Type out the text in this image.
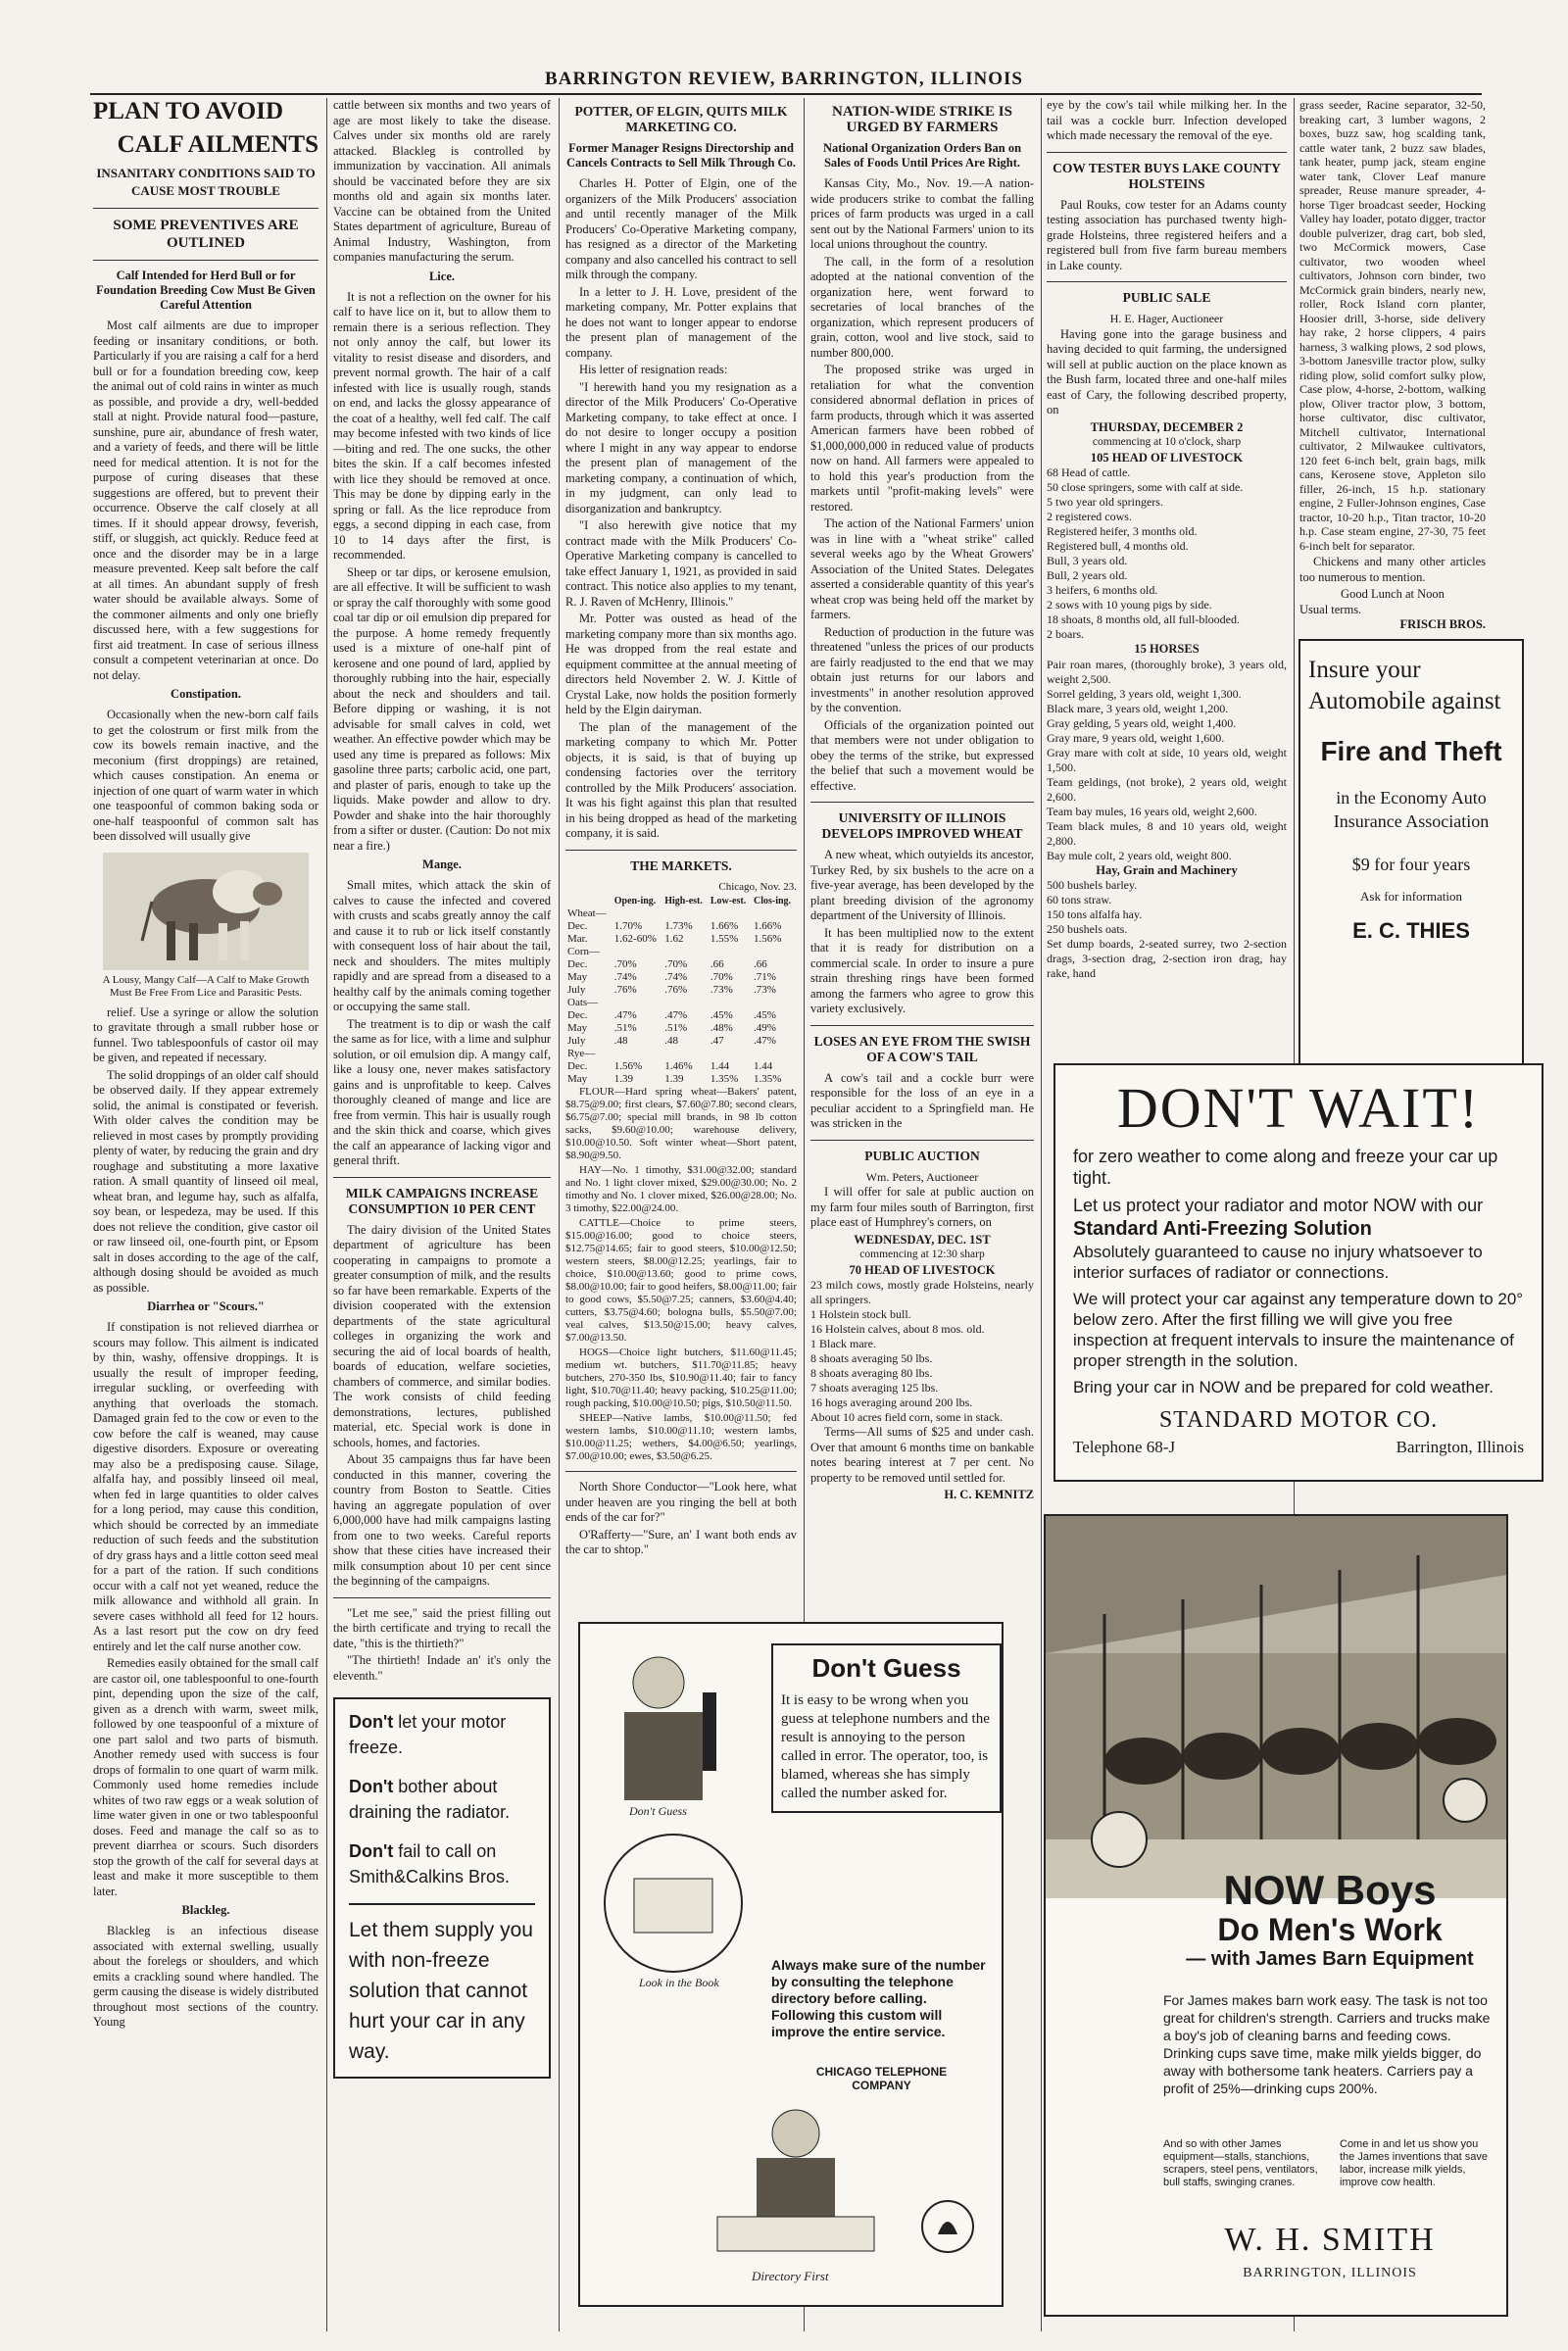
BARRINGTON REVIEW, BARRINGTON, ILLINOIS
PLAN TO AVOID
CALF AILMENTS
INSANITARY CONDITIONS SAID TO CAUSE MOST TROUBLE
SOME PREVENTIVES ARE OUTLINED
Calf Intended for Herd Bull or for Foundation Breeding Cow Must Be Given Careful Attention

Most calf ailments are due to improper feeding or insanitary conditions, or both. Particularly if you are raising a calf for a herd bull or for a foundation breeding cow, keep the animal out of cold rains in winter as much as possible, and provide a dry, well-bedded stall at night. Provide natural food—pasture, sunshine, pure air, abundance of fresh water, and a variety of feeds, and there will be little need for medical attention. It is not for the purpose of curing diseases that these suggestions are offered, but to prevent their occurrence. Observe the calf closely at all times. If it should appear drowsy, feverish, stiff, or sluggish, act quickly. Reduce feed at once and the disorder may be in a large measure prevented. Keep salt before the calf at all times. An abundant supply of fresh water should be available always. Some of the commoner ailments and only one briefly discussed here, with a few suggestions for first aid treatment. In case of serious illness consult a competent veterinarian at once. Do not delay.

Constipation.

Occasionally when the new-born calf fails to get the colostrum or first milk from the cow its bowels remain inactive, and the meconium (first droppings) are retained, which causes constipation. An enema or injection of one quart of warm water in which one teaspoonful of common baking soda or one-half teaspoonful of common salt has been dissolved will usually give

A Lousy, Mangy Calf—A Calf to Make Growth Must Be Free From Lice and Parasitic Pests.

relief. Use a syringe or allow the solution to gravitate through a small rubber hose or funnel. Two tablespoonfuls of castor oil may be given, and repeated if necessary.

The solid droppings of an older calf should be observed daily. If they appear extremely solid, the animal is constipated or feverish. With older calves the condition may be relieved in most cases by promptly providing plenty of water, by reducing the grain and dry roughage and substituting a more laxative ration. A small quantity of linseed oil meal, wheat bran, and legume hay, such as alfalfa, soy bean, or lespedeza, may be used. If this does not relieve the condition, give castor oil or raw linseed oil, one-fourth pint, or Epsom salt in doses according to the age of the calf, although dosing should be avoided as much as possible.

Diarrhea or "Scours."

If constipation is not relieved diarrhea or scours may follow. This ailment is indicated by thin, washy, offensive droppings. It is usually the result of improper feeding, irregular suckling, or overfeeding with anything that overloads the stomach. Damaged grain fed to the cow or even to the cow before the calf is weaned, may cause digestive disorders. Exposure or overeating may also be a predisposing cause. Silage, alfalfa hay, and possibly linseed oil meal, when fed in large quantities to older calves for a long period, may cause this condition, which should be corrected by an immediate reduction of such feeds and the substitution of dry grass hays and a little cotton seed meal for a part of the ration. If such conditions occur with a calf not yet weaned, reduce the milk allowance and withhold all grain. In severe cases withhold all feed for 12 hours. As a last resort put the cow on dry feed entirely and let the calf nurse another cow.

Remedies easily obtained for the small calf are castor oil, one tablespoonful to one-fourth pint, depending upon the size of the calf, given as a drench with warm, sweet milk, followed by one teaspoonful of a mixture of one part salol and two parts of bismuth. Another remedy used with success is four drops of formalin to one quart of warm milk. Commonly used home remedies include whites of two raw eggs or a weak solution of lime water given in one or two tablespoonful doses. Feed and manage the calf so as to prevent diarrhea or scours. Such disorders stop the growth of the calf for several days at least and make it more susceptible to them later.

Blackleg.

Blackleg is an infectious disease associated with external swelling, usually about the forelegs or shoulders, and which emits a crackling sound where handled. The germ causing the disease is widely distributed throughout most sections of the country. Young

cattle between six months and two years of age are most likely to take the disease. Calves under six months old are rarely attacked. Blackleg is controlled by immunization by vaccination. All animals should be vaccinated before they are six months old and again six months later. Vaccine can be obtained from the United States department of agriculture, Bureau of Animal Industry, Washington, from companies manufacturing the serum.

Lice.

It is not a reflection on the owner for his calf to have lice on it, but to allow them to remain there is a serious reflection. They not only annoy the calf, but lower its vitality to resist disease and disorders, and prevent normal growth. The hair of a calf infested with lice is usually rough, stands on end, and lacks the glossy appearance of the coat of a healthy, well fed calf. The calf may become infested with two kinds of lice—biting and red. The one sucks, the other bites the skin. If a calf becomes infested with lice they should be removed at once. This may be done by dipping early in the spring or fall. As the lice reproduce from eggs, a second dipping in each case, from 10 to 14 days after the first, is recommended.

Sheep or tar dips, or kerosene emulsion, are all effective. It will be sufficient to wash or spray the calf thoroughly with some good coal tar dip or oil emulsion dip prepared for the purpose. A home remedy frequently used is a mixture of one-half pint of kerosene and one pound of lard, applied by thoroughly rubbing into the hair, especially about the neck and shoulders and tail. Before dipping or washing, it is not advisable for small calves in cold, wet weather. An effective powder which may be used any time is prepared as follows: Mix gasoline three parts; carbolic acid, one part, and plaster of paris, enough to take up the liquids. Make powder and allow to dry. Powder and shake into the hair thoroughly from a sifter or duster. (Caution: Do not mix near a fire.)

Mange.

Small mites, which attack the skin of calves to cause the infected and covered with crusts and scabs greatly annoy the calf and cause it to rub or lick itself constantly with consequent loss of hair about the tail, neck and shoulders. The mites multiply rapidly and are spread from a diseased to a healthy calf by the animals coming together or occupying the same stall.

The treatment is to dip or wash the calf the same as for lice, with a lime and sulphur solution, or oil emulsion dip. A mangy calf, like a lousy one, never makes satisfactory gains and is unprofitable to keep. Calves thoroughly cleaned of mange and lice are free from vermin. This hair is usually rough and the skin thick and coarse, which gives the calf an appearance of lacking vigor and general thrift.

MILK CAMPAIGNS INCREASE CONSUMPTION 10 PER CENT

The dairy division of the United States department of agriculture has been cooperating in campaigns to promote a greater consumption of milk, and the results so far have been remarkable. Experts of the division cooperated with the extension departments of the state agricultural colleges in organizing the work and securing the aid of local boards of health, boards of education, welfare societies, chambers of commerce, and similar bodies. The work consists of child feeding demonstrations, lectures, published material, etc. Special work is done in schools, homes, and factories.

About 35 campaigns thus far have been conducted in this manner, covering the country from Boston to Seattle. Cities having an aggregate population of over 6,000,000 have had milk campaigns lasting from one to two weeks. Careful reports show that these cities have increased their milk consumption about 10 per cent since the beginning of the campaigns.

"Let me see," said the priest filling out the birth certificate and trying to recall the date, "this is the thirtieth?"

"The thirtieth! Indade an' it's only the eleventh."

Don't let your motor freeze.
Don't bother about draining the radiator.
Don't fail to call on Smith&Calkins Bros.
Let them supply you with non-freeze solution that cannot hurt your car in any way.
POTTER, OF ELGIN, QUITS MILK MARKETING CO.
Former Manager Resigns Directorship and Cancels Contracts to Sell Milk Through Co.

Charles H. Potter of Elgin, one of the organizers of the Milk Producers' association and until recently manager of the Milk Producers' Co-Operative Marketing company, has resigned as a director of the Marketing company and also cancelled his contract to sell milk through the company.

In a letter to J. H. Love, president of the marketing company, Mr. Potter explains that he does not want to longer appear to endorse the present plan of management of the company.

His letter of resignation reads:

"I herewith hand you my resignation as a director of the Milk Producers' Co-Operative Marketing company, to take effect at once. I do not desire to longer occupy a position where I might in any way appear to endorse the present plan of management of the marketing company, a continuation of which, in my judgment, can only lead to disorganization and bankruptcy.

"I also herewith give notice that my contract made with the Milk Producers' Co-Operative Marketing company is cancelled to take effect January 1, 1921, as provided in said contract. This notice also applies to my tenant, R. J. Raven of McHenry, Illinois."

Mr. Potter was ousted as head of the marketing company more than six months ago. He was dropped from the real estate and equipment committee at the annual meeting of directors held November 2. W. J. Kittle of Crystal Lake, now holds the position formerly held by the Elgin dairyman.

The plan of the management of the marketing company to which Mr. Potter objects, it is said, is that of buying up condensing factories over the territory controlled by the Milk Producers' association. It was his fight against this plan that resulted in his being dropped as head of the marketing company, it is said.

THE MARKETS.
Chicago, Nov. 23.
	Open-ing.	High-est.	Low-est.	Clos-ing.
Wheat—				
Dec.	1.70%	1.73%	1.66%	1.66%
Mar.	1.62-60%	1.62	1.55%	1.56%
Corn—				
Dec.	.70%	.70%	.66	.66
May	.74%	.74%	.70%	.71%
July	.76%	.76%	.73%	.73%
Oats—				
Dec.	.47%	.47%	.45%	.45%
May	.51%	.51%	.48%	.49%
July	.48	.48	.47	.47%
Rye—				
Dec.	1.56%	1.46%	1.44	1.44
May	1.39	1.39	1.35%	1.35%

FLOUR—Hard spring wheat—Bakers' patent, $8.75@9.00; first clears, $7.60@7.80; second clears, $6.75@7.00; special mill brands, in 98 lb cotton sacks, $9.60@10.00; warehouse delivery, $10.00@10.50. Soft winter wheat—Short patent, $8.90@9.50.

HAY—No. 1 timothy, $31.00@32.00; standard and No. 1 light clover mixed, $29.00@30.00; No. 2 timothy and No. 1 clover mixed, $26.00@28.00; No. 3 timothy, $22.00@24.00.

CATTLE—Choice to prime steers, $15.00@16.00; good to choice steers, $12.75@14.65; fair to good steers, $10.00@12.50; western steers, $8.00@12.25; yearlings, fair to choice, $10.00@13.60; good to prime cows, $8.00@10.00; fair to good heifers, $8.00@11.00; fair to good cows, $5.50@7.25; canners, $3.60@4.40; cutters, $3.75@4.60; bologna bulls, $5.50@7.00; veal calves, $13.50@15.00; heavy calves, $7.00@13.50.

HOGS—Choice light butchers, $11.60@11.45; medium wt. butchers, $11.70@11.85; heavy butchers, 270-350 lbs, $10.90@11.40; fair to fancy light, $10.70@11.40; heavy packing, $10.25@11.00; rough packing, $10.00@10.50; pigs, $10.50@11.50.

SHEEP—Native lambs, $10.00@11.50; fed western lambs, $10.00@11.10; western lambs, $10.00@11.25; wethers, $4.00@6.50; yearlings, $7.00@10.00; ewes, $3.50@6.25.

North Shore Conductor—"Look here, what under heaven are you ringing the bell at both ends of the car for?"

O'Rafferty—"Sure, an' I want both ends av the car to shtop."

NATION-WIDE STRIKE IS URGED BY FARMERS
National Organization Orders Ban on Sales of Foods Until Prices Are Right.

Kansas City, Mo., Nov. 19.—A nation-wide producers strike to combat the falling prices of farm products was urged in a call sent out by the National Farmers' union to its local unions throughout the country.

The call, in the form of a resolution adopted at the national convention of the organization here, went forward to secretaries of local branches of the organization, which represent producers of grain, cotton, wool and live stock, said to number 800,000.

The proposed strike was urged in retaliation for what the convention considered abnormal deflation in prices of farm products, through which it was asserted American farmers have been robbed of $1,000,000,000 in reduced value of products now on hand. All farmers were appealed to to hold this year's production from the markets until "profit-making levels" were restored.

The action of the National Farmers' union was in line with a "wheat strike" called several weeks ago by the Wheat Growers' Association of the United States. Delegates asserted a considerable quantity of this year's wheat crop was being held off the market by farmers.

Reduction of production in the future was threatened "unless the prices of our products are fairly readjusted to the end that we may obtain just returns for our labors and investments" in another resolution approved by the convention.

Officials of the organization pointed out that members were not under obligation to obey the terms of the strike, but expressed the belief that such a movement would be effective.

UNIVERSITY OF ILLINOIS DEVELOPS IMPROVED WHEAT

A new wheat, which outyields its ancestor, Turkey Red, by six bushels to the acre on a five-year average, has been developed by the plant breeding division of the agronomy department of the University of Illinois.

It has been multiplied now to the extent that it is ready for distribution on a commercial scale. In order to insure a pure strain threshing rings have been formed among the farmers who agree to grow this variety exclusively.

LOSES AN EYE FROM THE SWISH OF A COW'S TAIL

A cow's tail and a cockle burr were responsible for the loss of an eye in a peculiar accident to a Springfield man. He was stricken in the

PUBLIC AUCTION
Wm. Peters, Auctioneer

I will offer for sale at public auction on my farm four miles south of Barrington, first place east of Humphrey's corners, on

WEDNESDAY, DEC. 1ST
commencing at 12:30 sharp
70 HEAD OF LIVESTOCK
23 milch cows, mostly grade Holsteins, nearly all springers.
1 Holstein stock bull.
16 Holstein calves, about 8 mos. old.
1 Black mare.
8 shoats averaging 50 lbs.
8 shoats averaging 80 lbs.
7 shoats averaging 125 lbs.
16 hogs averaging around 200 lbs.
About 10 acres field corn, some in stack.

Terms—All sums of $25 and under cash. Over that amount 6 months time on bankable notes bearing interest at 7 per cent. No property to be removed until settled for.

H. C. KEMNITZ
Don't Guess
Look in the Book
Don't Guess
It is easy to be wrong when you guess at telephone numbers and the result is annoying to the person called in error. The operator, too, is blamed, whereas she has simply called the number asked for.
Always make sure of the number by consulting the telephone directory before calling. Following this custom will improve the entire service.
CHICAGO TELEPHONE
COMPANY
Directory First

eye by the cow's tail while milking her. In the tail was a cockle burr. Infection developed which made necessary the removal of the eye.

COW TESTER BUYS LAKE COUNTY HOLSTEINS

Paul Rouks, cow tester for an Adams county testing association has purchased twenty high-grade Holsteins, three registered heifers and a registered bull from five farm bureau members in Lake county.

PUBLIC SALE
H. E. Hager, Auctioneer

Having gone into the garage business and having decided to quit farming, the undersigned will sell at public auction on the place known as the Bush farm, located three and one-half miles east of Cary, the following described property, on

THURSDAY, DECEMBER 2
commencing at 10 o'clock, sharp
105 HEAD OF LIVESTOCK
68 Head of cattle.
50 close springers, some with calf at side.
5 two year old springers.
2 registered cows.
Registered heifer, 3 months old.
Registered bull, 4 months old.
Bull, 3 years old.
Bull, 2 years old.
3 heifers, 6 months old.
2 sows with 10 young pigs by side.
18 shoats, 8 months old, all full-blooded.
2 boars.
15 HORSES
Pair roan mares, (thoroughly broke), 3 years old, weight 2,500.
Sorrel gelding, 3 years old, weight 1,300.
Black mare, 3 years old, weight 1,200.
Gray gelding, 5 years old, weight 1,400.
Gray mare, 9 years old, weight 1,600.
Gray mare with colt at side, 10 years old, weight 1,500.
Team geldings, (not broke), 2 years old, weight 2,600.
Team bay mules, 16 years old, weight 2,600.
Team black mules, 8 and 10 years old, weight 2,800.
Bay mule colt, 2 years old, weight 800.
Hay, Grain and Machinery
500 bushels barley.
60 tons straw.
150 tons alfalfa hay.
250 bushels oats.
Set dump boards, 2-seated surrey, two 2-section drags, 3-section drag, 2-section iron drag, hay rake, hand

grass seeder, Racine separator, 32-50, breaking cart, 3 lumber wagons, 2 boxes, buzz saw, hog scalding tank, cattle water tank, 2 buzz saw blades, tank heater, pump jack, steam engine water tank, Clover Leaf manure spreader, Reuse manure spreader, 4-horse Tiger broadcast seeder, Hocking Valley hay loader, potato digger, tractor double pulverizer, drag cart, bob sled, two McCormick mowers, Case cultivator, two wooden wheel cultivators, Johnson corn binder, two McCormick grain binders, nearly new, roller, Rock Island corn planter, Hoosier drill, 3-horse, side delivery hay rake, 2 horse clippers, 4 pairs harness, 3 walking plows, 2 sod plows, 3-bottom Janesville tractor plow, sulky riding plow, solid comfort sulky plow, Case plow, 4-horse, 2-bottom, walking plow, Oliver tractor plow, 3 bottom, horse cultivator, disc cultivator, Mitchell cultivator, International cultivator, 2 Milwaukee cultivators, 120 feet 6-inch belt, grain bags, milk cans, Kerosene stove, Appleton silo filler, 26-inch, 15 h.p. stationary engine, 2 Fuller-Johnson engines, Case tractor, 10-20 h.p., Titan tractor, 10-20 h.p. Case steam engine, 27-30, 75 feet 6-inch belt for separator.

Chickens and many other articles too numerous to mention.

Good Lunch at Noon
Usual terms.
FRISCH BROS.
Insure your Automobile against
Fire and Theft
in the Economy Auto Insurance Association
$9 for four years
Ask for information
E. C. THIES
DON'T WAIT!
for zero weather to come along and freeze your car up tight.
Let us protect your radiator and motor NOW with our
Standard Anti-Freezing Solution
Absolutely guaranteed to cause no injury whatsoever to interior surfaces of radiator or connections.
We will protect your car against any temperature down to 20° below zero. After the first filling we will give you free inspection at frequent intervals to insure the maintenance of proper strength in the solution.
Bring your car in NOW and be prepared for cold weather.
STANDARD MOTOR CO.
Telephone 68-J	Barrington, Illinois
NOW Boys
Do Men's Work
— with James Barn Equipment
For James makes barn work easy. The task is not too great for children's strength. Carriers and trucks make a boy's job of cleaning barns and feeding cows. Drinking cups save time, make milk yields bigger, do away with bothersome tank heaters. Carriers pay a profit of 25%—drinking cups 200%.
And so with other James equipment—stalls, stanchions, scrapers, steel pens, ventilators, bull staffs, swinging cranes.
Come in and let us show you the James inventions that save labor, increase milk yields, improve cow health.
W. H. SMITH
BARRINGTON, ILLINOIS
